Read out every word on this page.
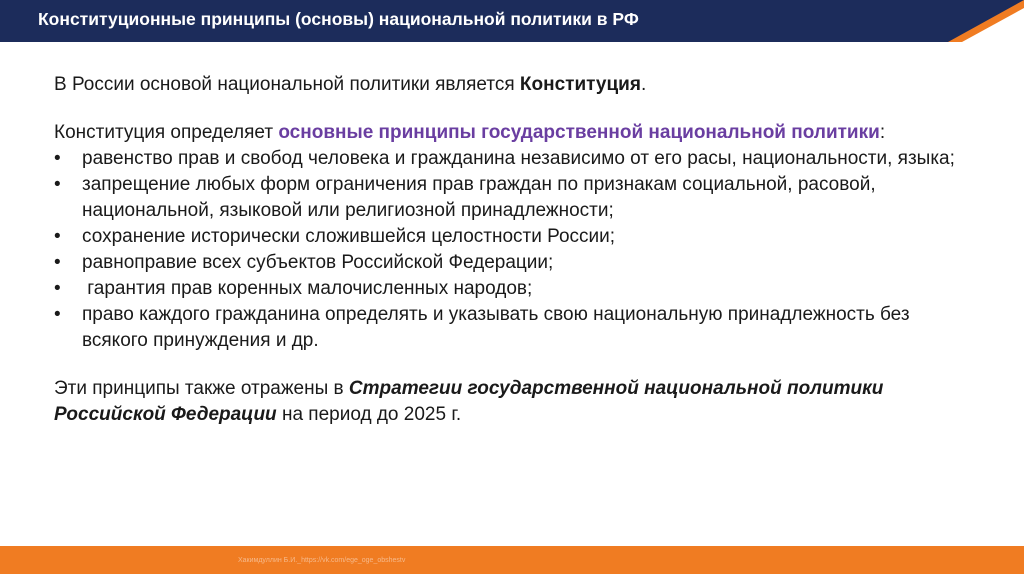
Конституционные принципы (основы) национальной политики в РФ

В России основой национальной политики является Конституция.

Конституция определяет основные принципы государственной национальной политики:

•	равенство прав и свобод человека и гражданина независимо от его расы, национальности, языка;
•	запрещение любых форм ограничения прав граждан по признакам социальной, расовой, национальной, языковой или религиозной принадлежности;
•	сохранение исторически сложившейся целостности России;
•	равноправие всех субъектов Российской Федерации;
•	гарантия прав коренных малочисленных народов;
•	право каждого гражданина определять и указывать свою национальную принадлежность без всякого принуждения и др.

Эти принципы также отражены в Стратегии государственной национальной политики Российской Федерации на период до 2025 г.

Хакимдуллин Б.И._https://vk.com/ege_oge_obshestv
